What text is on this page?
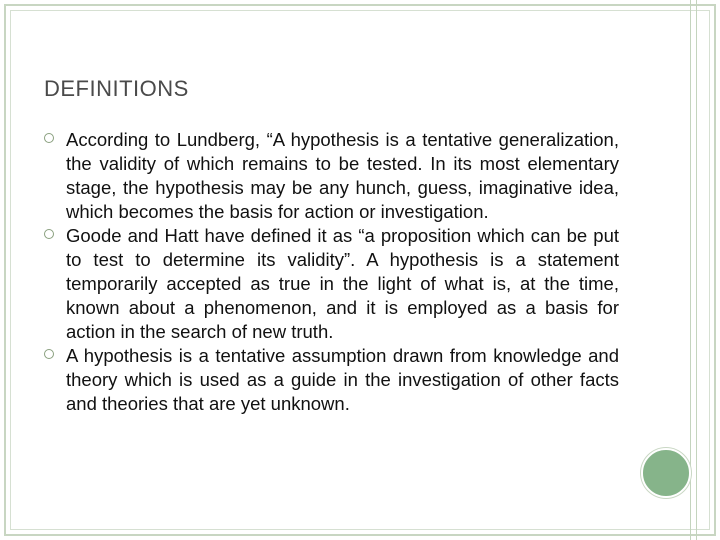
DEFINITIONS
According to Lundberg, “A hypothesis is a tentative generalization, the validity of which remains to be tested. In its most elementary stage, the hypothesis may be any hunch, guess, imaginative idea, which becomes the basis for action or investigation.
Goode and Hatt have defined it as “a proposition which can be put to test to determine its validity”. A hypothesis is a statement temporarily accepted as true in the light of what is, at the time, known about a phenomenon, and it is employed as a basis for action in the search of new truth.
A hypothesis is a tentative assumption drawn from knowledge and theory which is used as a guide in the investigation of other facts and theories that are yet unknown.
